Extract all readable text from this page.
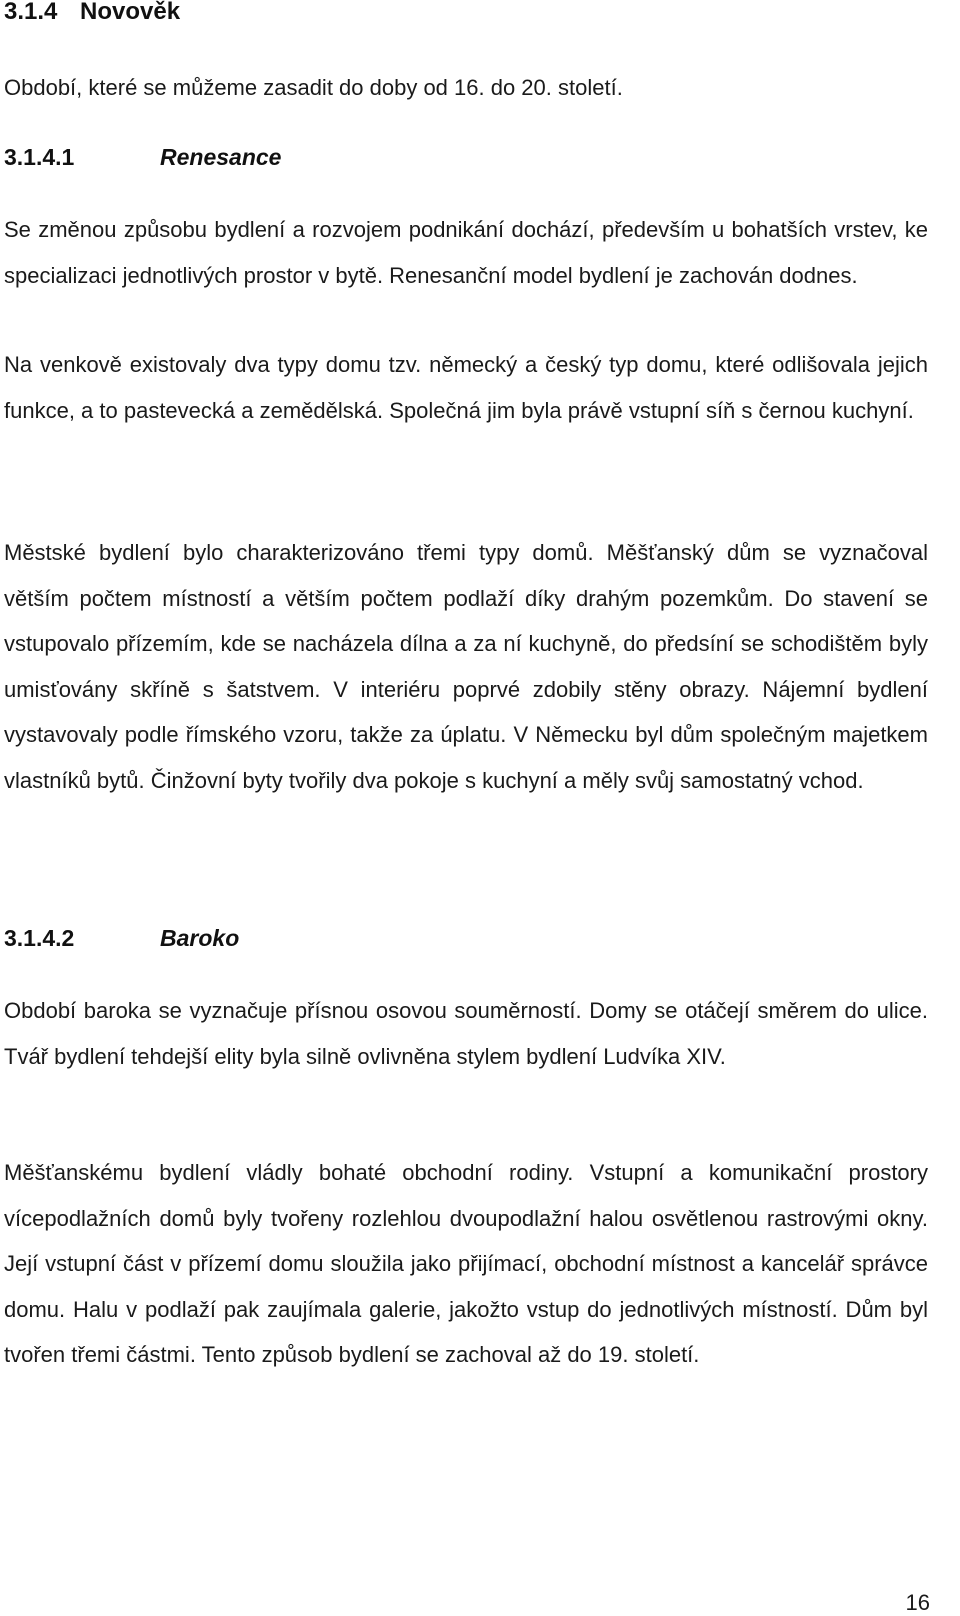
3.1.4 Novověk

Období, které se můžeme zasadit do doby od 16. do 20. století.

3.1.4.1	Renesance

Se změnou způsobu bydlení a rozvojem podnikání dochází, především u bohatších vrstev, ke specializaci jednotlivých prostor v bytě. Renesanční model bydlení je zachován dodnes.

Na venkově existovaly dva typy domu tzv. německý a český typ domu, které odlišovala jejich funkce, a to pastevecká a zemědělská. Společná jim byla právě vstupní síň s černou kuchyní.

Městské bydlení bylo charakterizováno třemi typy domů. Měšťanský dům se vyznačoval větším počtem místností a větším počtem podlaží díky drahým pozemkům. Do stavení se vstupovalo přízemím, kde se nacházela dílna a za ní kuchyně, do předsíní se schodištěm byly umisťovány skříně s šatstvem. V interiéru poprvé zdobily stěny obrazy. Nájemní bydlení vystavovaly podle římského vzoru, takže za úplatu. V Německu byl dům společným majetkem vlastníků bytů. Činžovní byty tvořily dva pokoje s kuchyní a měly svůj samostatný vchod.

3.1.4.2	Baroko

Období baroka se vyznačuje přísnou osovou souměrností. Domy se otáčejí směrem do ulice. Tvář bydlení tehdejší elity byla silně ovlivněna stylem bydlení Ludvíka XIV.

Měšťanskému bydlení vládly bohaté obchodní rodiny. Vstupní a komunikační prostory vícepodlažních domů byly tvořeny rozlehlou dvoupodlažní halou osvětlenou rastrovými okny. Její vstupní část v přízemí domu sloužila jako přijímací, obchodní místnost a kancelář správce domu. Halu v podlaží pak zaujímala galerie, jakožto vstup do jednotlivých místností. Dům byl tvořen třemi částmi. Tento způsob bydlení se zachoval až do 19. století.

16
